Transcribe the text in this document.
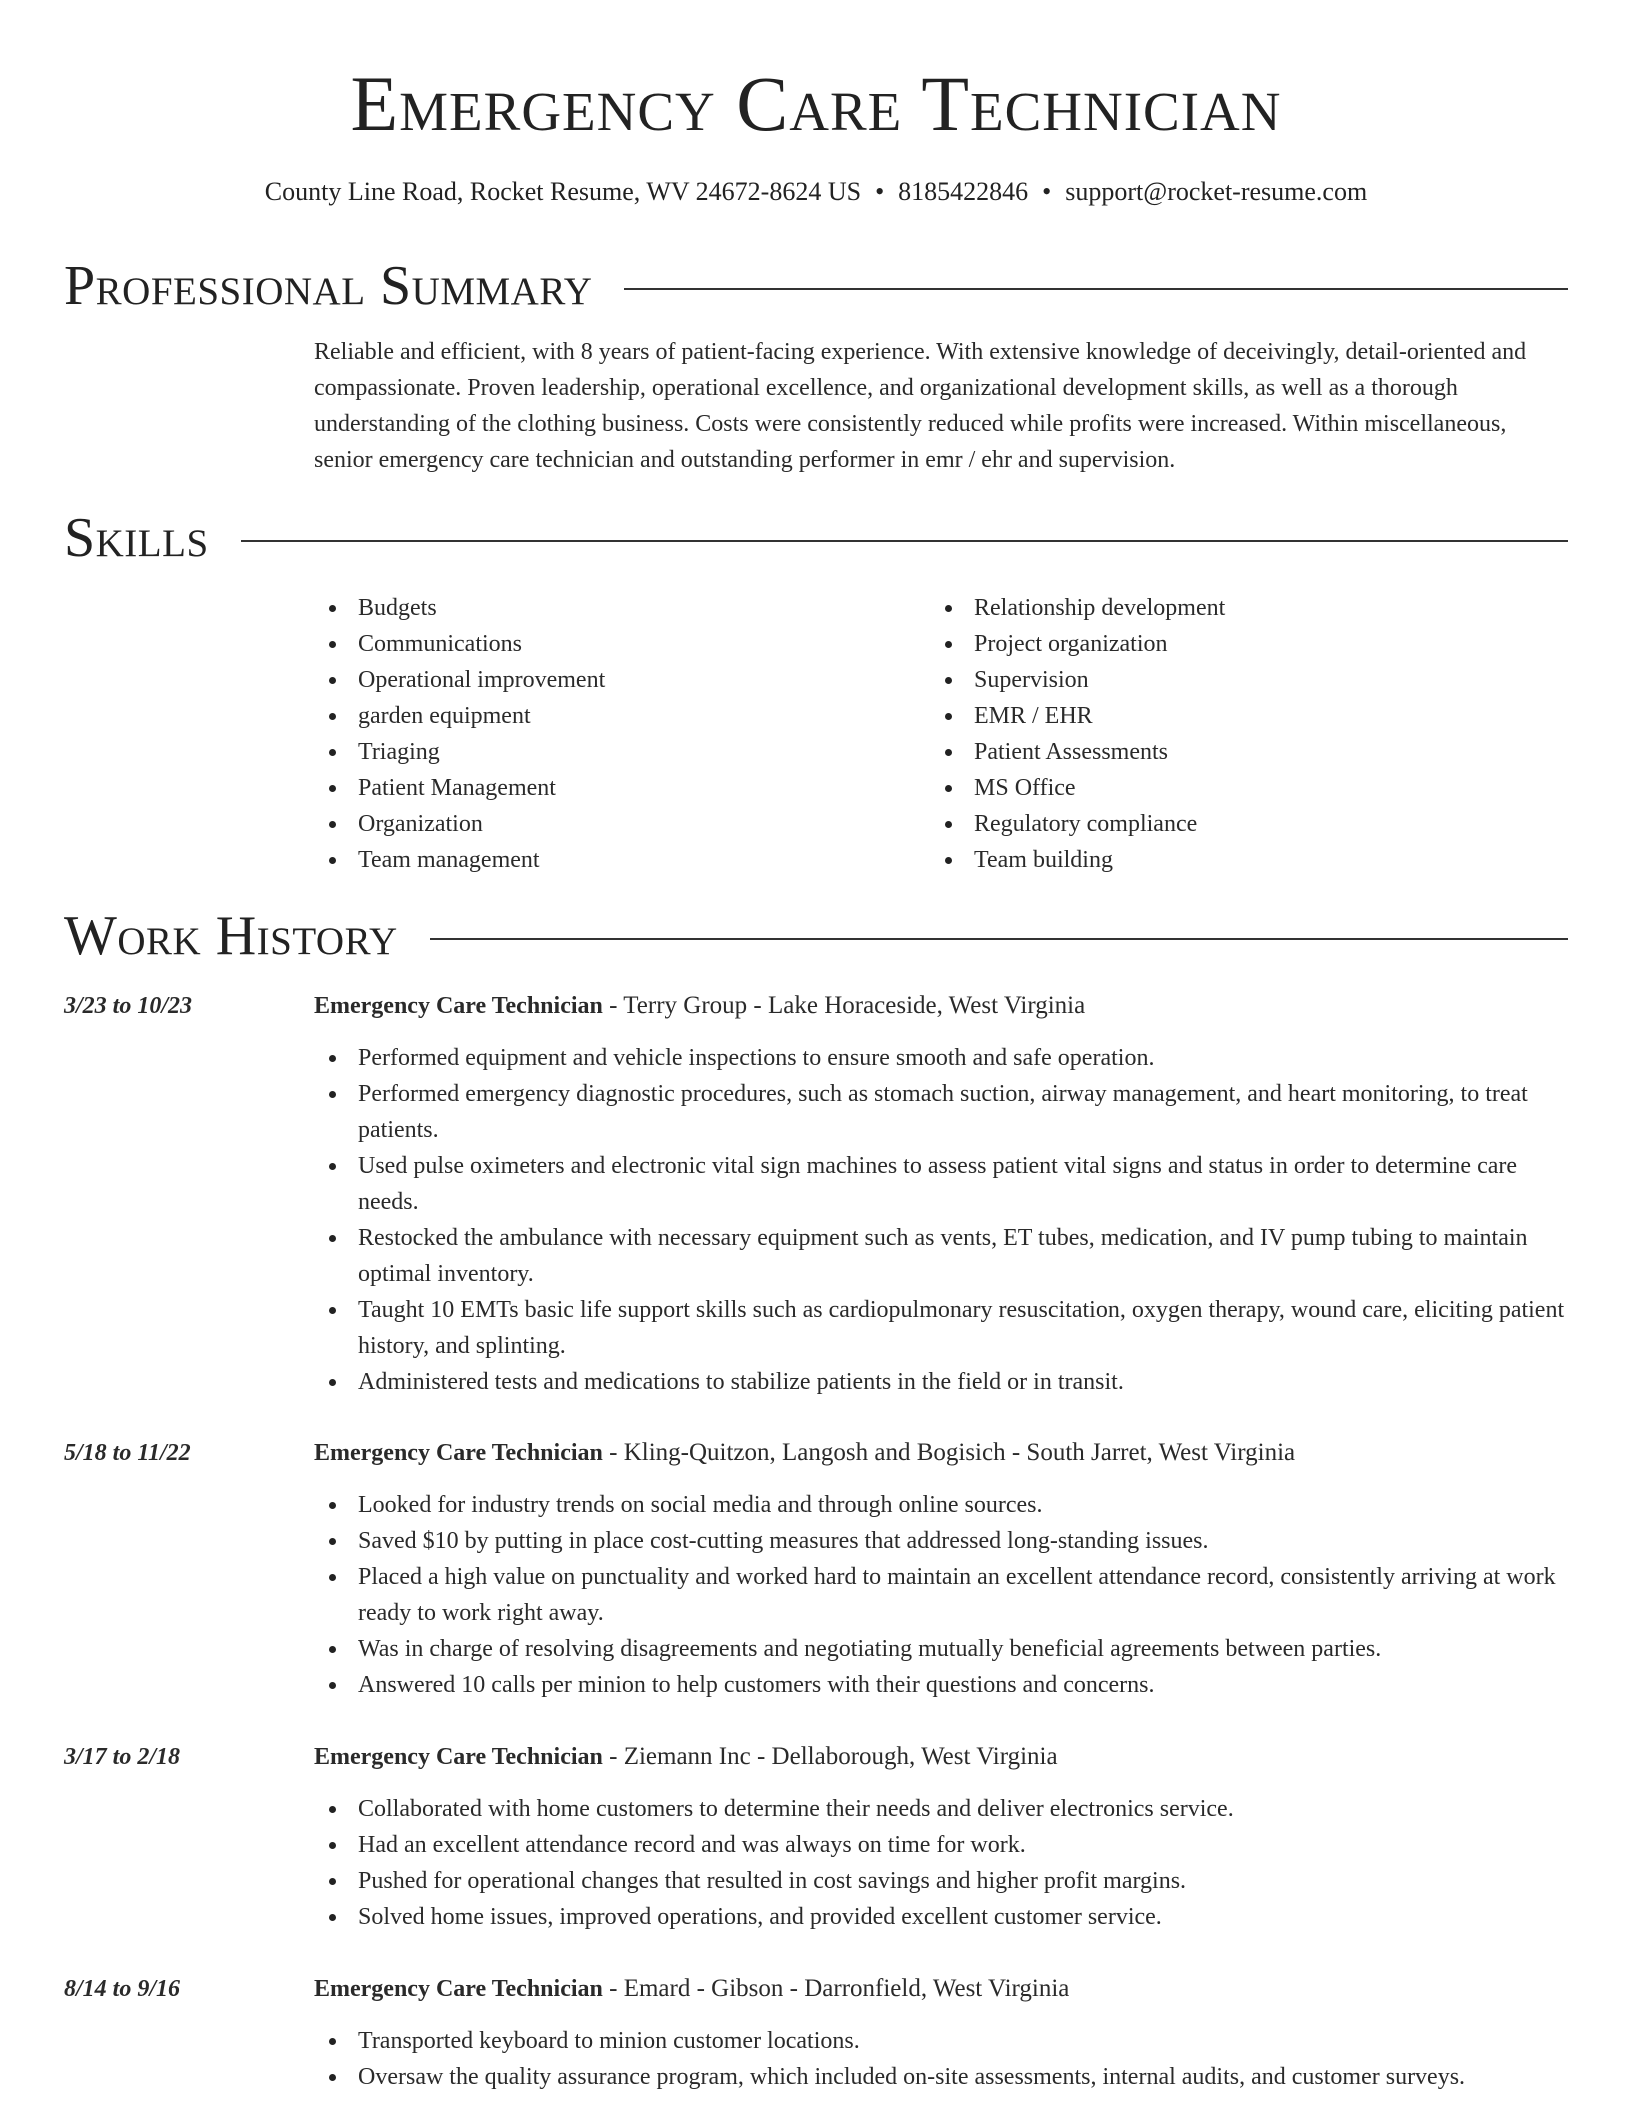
Emergency Care Technician
County Line Road, Rocket Resume, WV 24672-8624 US • 8185422846 • support@rocket-resume.com
Professional Summary

Reliable and efficient, with 8 years of patient-facing experience. With extensive knowledge of deceivingly, detail-oriented and compassionate. Proven leadership, operational excellence, and organizational development skills, as well as a thorough understanding of the clothing business. Costs were consistently reduced while profits were increased. Within miscellaneous, senior emergency care technician and outstanding performer in emr / ehr and supervision.

Skills
Budgets
Communications
Operational improvement
garden equipment
Triaging
Patient Management
Organization
Team management
Relationship development
Project organization
Supervision
EMR / EHR
Patient Assessments
MS Office
Regulatory compliance
Team building
Work History
3/23 to 10/23	Emergency Care Technician - Terry Group - Lake Horaceside, West Virginia
Performed equipment and vehicle inspections to ensure smooth and safe operation.
Performed emergency diagnostic procedures, such as stomach suction, airway management, and heart monitoring, to treat patients.
Used pulse oximeters and electronic vital sign machines to assess patient vital signs and status in order to determine care needs.
Restocked the ambulance with necessary equipment such as vents, ET tubes, medication, and IV pump tubing to maintain optimal inventory.
Taught 10 EMTs basic life support skills such as cardiopulmonary resuscitation, oxygen therapy, wound care, eliciting patient history, and splinting.
Administered tests and medications to stabilize patients in the field or in transit.
5/18 to 11/22	Emergency Care Technician - Kling-Quitzon, Langosh and Bogisich - South Jarret, West Virginia
Looked for industry trends on social media and through online sources.
Saved $10 by putting in place cost-cutting measures that addressed long-standing issues.
Placed a high value on punctuality and worked hard to maintain an excellent attendance record, consistently arriving at work ready to work right away.
Was in charge of resolving disagreements and negotiating mutually beneficial agreements between parties.
Answered 10 calls per minion to help customers with their questions and concerns.
3/17 to 2/18	Emergency Care Technician - Ziemann Inc - Dellaborough, West Virginia
Collaborated with home customers to determine their needs and deliver electronics service.
Had an excellent attendance record and was always on time for work.
Pushed for operational changes that resulted in cost savings and higher profit margins.
Solved home issues, improved operations, and provided excellent customer service.
8/14 to 9/16	Emergency Care Technician - Emard - Gibson - Darronfield, West Virginia
Transported keyboard to minion customer locations.
Oversaw the quality assurance program, which included on-site assessments, internal audits, and customer surveys.
